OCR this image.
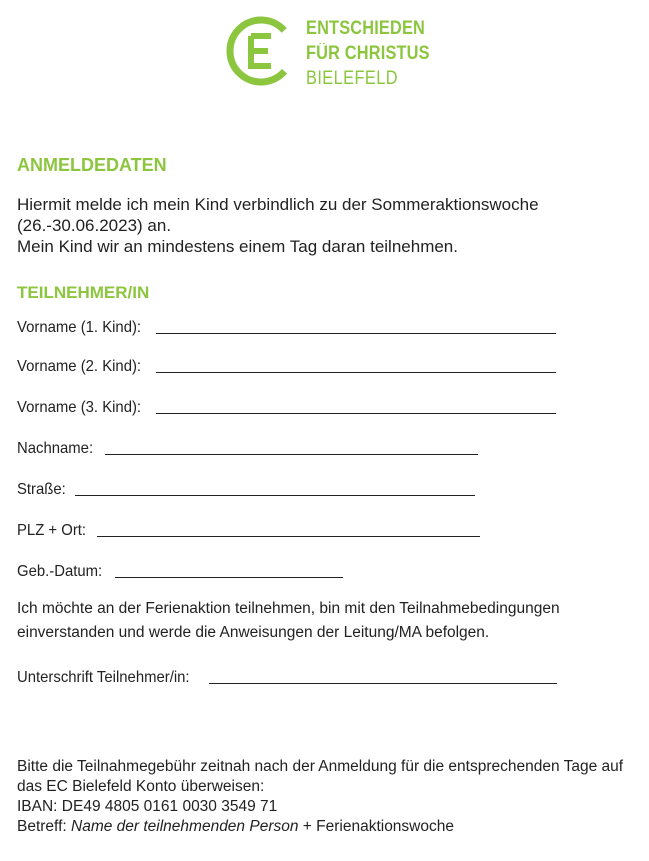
ENTSCHIEDEN
FÜR CHRISTUS
BIELEFELD
ANMELDEDATEN
Hiermit melde ich mein Kind verbindlich zu der Sommeraktionswoche
(26.-30.06.2023) an.
Mein Kind wir an mindestens einem Tag daran teilnehmen.
TEILNEHMER/IN
Vorname (1. Kind):
Vorname (2. Kind):
Vorname (3. Kind):
Nachname:
Straße:
PLZ + Ort:
Geb.-Datum:
Ich möchte an der Ferienaktion teilnehmen, bin mit den Teilnahmebedingungen
einverstanden und werde die Anweisungen der Leitung/MA befolgen.
Unterschrift Teilnehmer/in:
Bitte die Teilnahmegebühr zeitnah nach der Anmeldung für die entsprechenden Tage auf
das EC Bielefeld Konto überweisen:
IBAN: DE49 4805 0161 0030 3549 71
Betreff: Name der teilnehmenden Person + Ferienaktionswoche
